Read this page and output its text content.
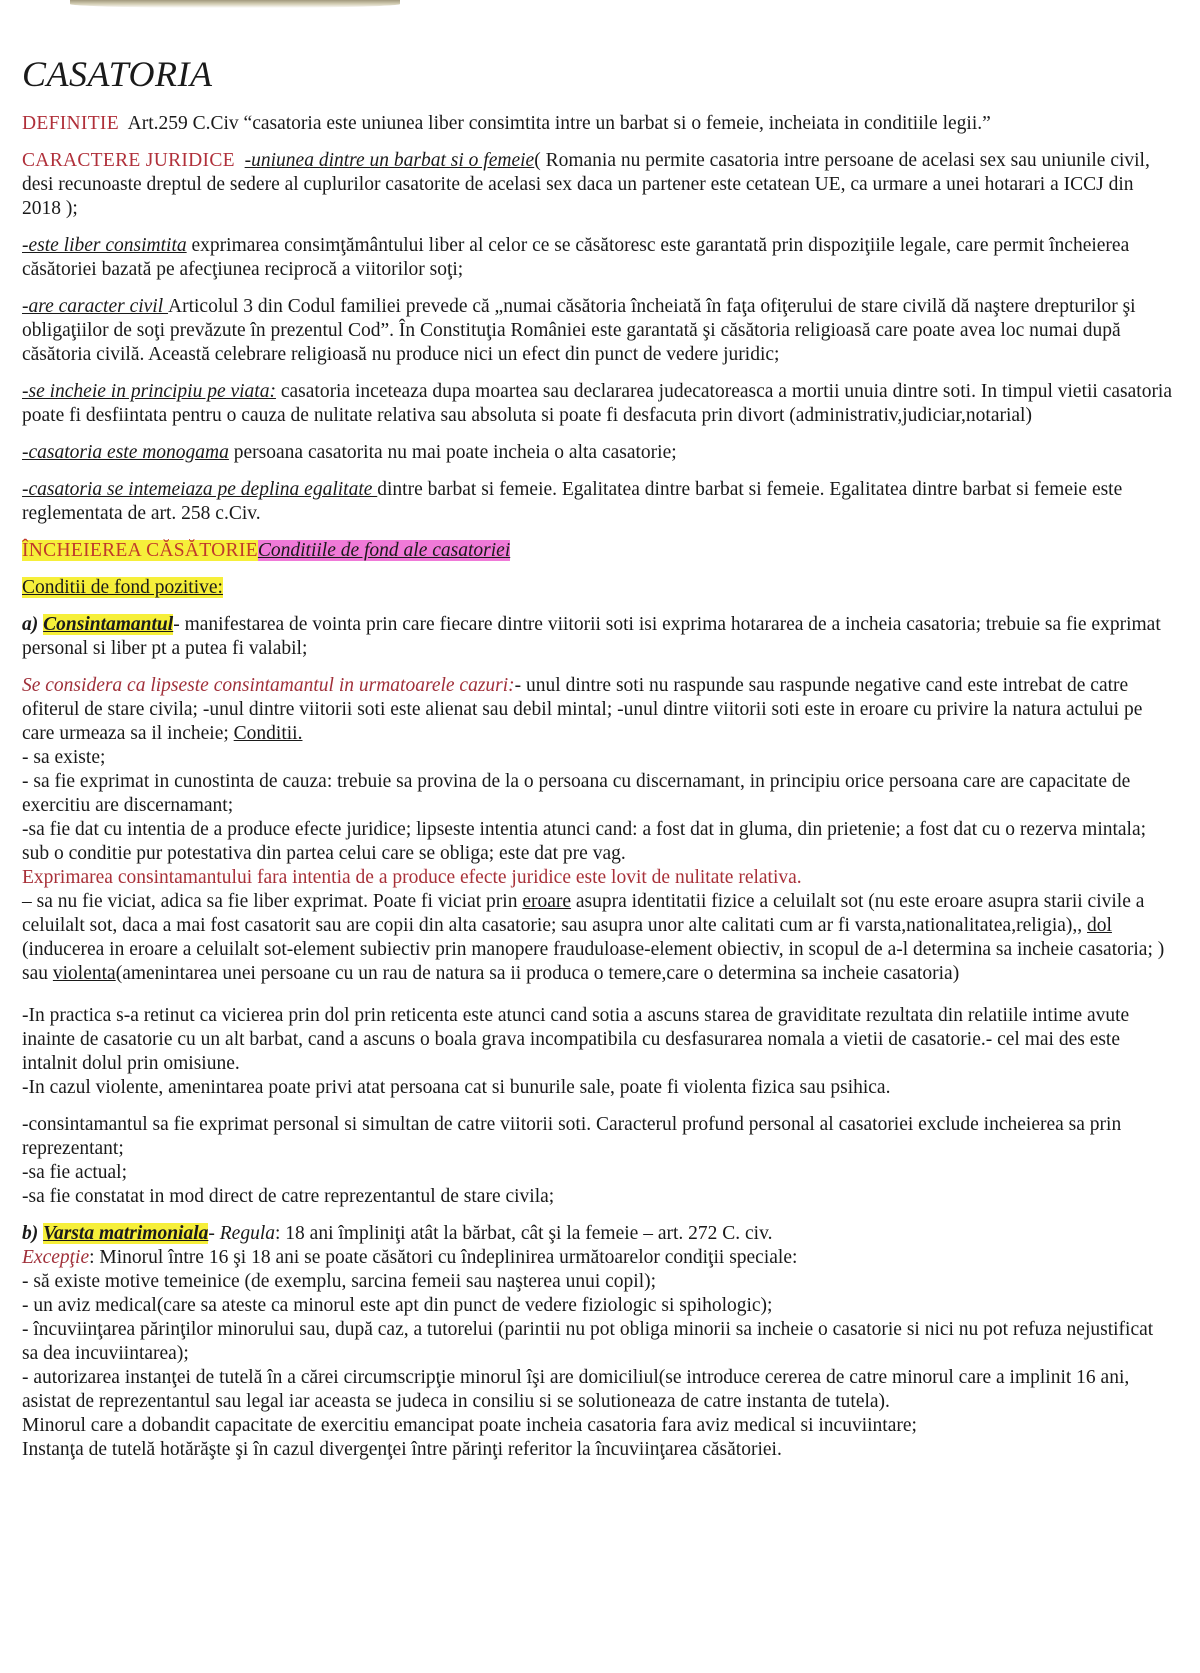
CASATORIA

DEFINITIE Art.259 C.Civ “casatoria este uniunea liber consimtita intre un barbat si o femeie, incheiata in conditiile legii.”

CARACTERE JURIDICE -uniunea dintre un barbat si o femeie( Romania nu permite casatoria intre persoane de acelasi sex sau uniunile civil, desi recunoaste dreptul de sedere al cuplurilor casatorite de acelasi sex daca un partener este cetatean UE, ca urmare a unei hotarari a ICCJ din 2018 );

-este liber consimtita exprimarea consimţământului liber al celor ce se căsătoresc este garantată prin dispoziţiile legale, care permit încheierea căsătoriei bazată pe afecţiunea reciprocă a viitorilor soţi;

-are caracter civil Articolul 3 din Codul familiei prevede că „numai căsătoria încheiată în faţa ofiţerului de stare civilă dă naştere drepturilor şi obligaţiilor de soţi prevăzute în prezentul Cod”. În Constituţia României este garantată şi căsătoria religioasă care poate avea loc numai după căsătoria civilă. Această celebrare religioasă nu produce nici un efect din punct de vedere juridic;

-se incheie in principiu pe viata: casatoria inceteaza dupa moartea sau declararea judecatoreasca a mortii unuia dintre soti. In timpul vietii casatoria poate fi desfiintata pentru o cauza de nulitate relativa sau absoluta si poate fi desfacuta prin divort (administrativ,judiciar,notarial)

-casatoria este monogama persoana casatorita nu mai poate incheia o alta casatorie;

-casatoria se intemeiaza pe deplina egalitate dintre barbat si femeie. Egalitatea dintre barbat si femeie. Egalitatea dintre barbat si femeie este reglementata de art. 258 c.Civ.

ÎNCHEIEREA CĂSĂTORIEConditiile de fond ale casatoriei

Conditii de fond pozitive:

a) Consintamantul- manifestarea de vointa prin care fiecare dintre viitorii soti isi exprima hotararea de a incheia casatoria; trebuie sa fie exprimat personal si liber pt a putea fi valabil;

Se considera ca lipseste consintamantul in urmatoarele cazuri:- unul dintre soti nu raspunde sau raspunde negative cand este intrebat de catre ofiterul de stare civila; -unul dintre viitorii soti este alienat sau debil mintal; -unul dintre viitorii soti este in eroare cu privire la natura actului pe care urmeaza sa il incheie; Conditii.
- sa existe;
- sa fie exprimat in cunostinta de cauza: trebuie sa provina de la o persoana cu discernamant, in principiu orice persoana care are capacitate de exercitiu are discernamant;
-sa fie dat cu intentia de a produce efecte juridice; lipseste intentia atunci cand: a fost dat in gluma, din prietenie; a fost dat cu o rezerva mintala; sub o conditie pur potestativa din partea celui care se obliga; este dat pre vag.
Exprimarea consintamantului fara intentia de a produce efecte juridice este lovit de nulitate relativa.
– sa nu fie viciat, adica sa fie liber exprimat. Poate fi viciat prin eroare asupra identitatii fizice a celuilalt sot (nu este eroare asupra starii civile a celuilalt sot, daca a mai fost casatorit sau are copii din alta casatorie; sau asupra unor alte calitati cum ar fi varsta,nationalitatea,religia),, dol (inducerea in eroare a celuilalt sot-element subiectiv prin manopere frauduloase-element obiectiv, in scopul de a-l determina sa incheie casatoria; ) sau violenta(amenintarea unei persoane cu un rau de natura sa ii produca o temere,care o determina sa incheie casatoria)

-In practica s-a retinut ca vicierea prin dol prin reticenta este atunci cand sotia a ascuns starea de graviditate rezultata din relatiile intime avute inainte de casatorie cu un alt barbat, cand a ascuns o boala grava incompatibila cu desfasurarea nomala a vietii de casatorie.- cel mai des este intalnit dolul prin omisiune.
-In cazul violente, amenintarea poate privi atat persoana cat si bunurile sale, poate fi violenta fizica sau psihica.

-consintamantul sa fie exprimat personal si simultan de catre viitorii soti. Caracterul profund personal al casatoriei exclude incheierea sa prin reprezentant;
-sa fie actual;
-sa fie constatat in mod direct de catre reprezentantul de stare civila;

b) Varsta matrimoniala- Regula: 18 ani împliniţi atât la bărbat, cât şi la femeie – art. 272 C. civ.
Excepţie: Minorul între 16 şi 18 ani se poate căsători cu îndeplinirea următoarelor condiţii speciale:
- să existe motive temeinice (de exemplu, sarcina femeii sau naşterea unui copil);
- un aviz medical(care sa ateste ca minorul este apt din punct de vedere fiziologic si spihologic);
- încuviinţarea părinţilor minorului sau, după caz, a tutorelui (parintii nu pot obliga minorii sa incheie o casatorie si nici nu pot refuza nejustificat sa dea incuviintarea);
- autorizarea instanţei de tutelă în a cărei circumscripţie minorul îşi are domiciliul(se introduce cererea de catre minorul care a implinit 16 ani, asistat de reprezentantul sau legal iar aceasta se judeca in consiliu si se solutioneaza de catre instanta de tutela).
Minorul care a dobandit capacitate de exercitiu emancipat poate incheia casatoria fara aviz medical si incuviintare;
Instanţa de tutelă hotărăşte şi în cazul divergenţei între părinţi referitor la încuviinţarea căsătoriei.
